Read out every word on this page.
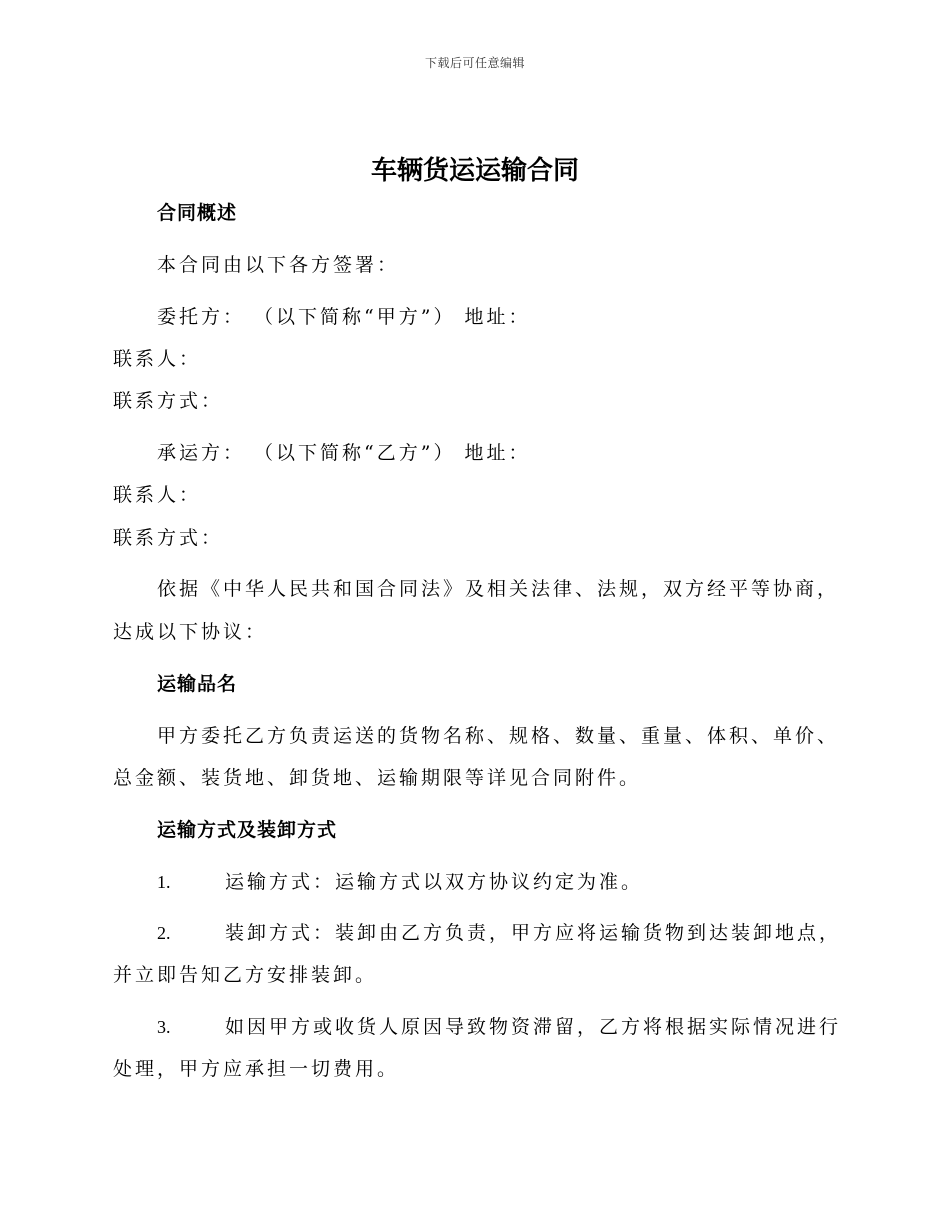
下载后可任意编辑
车辆货运运输合同
合同概述
本合同由以下各方签署：
委托方： （以下简称“甲方”） 地址：
联系人：
联系方式：
承运方： （以下简称“乙方”） 地址：
联系人：
联系方式：
依据《中华人民共和国合同法》及相关法律、法规，双方经平等协商，
达成以下协议：
运输品名
甲方委托乙方负责运送的货物名称、规格、数量、重量、体积、单价、
总金额、装货地、卸货地、运输期限等详见合同附件。
运输方式及装卸方式
1.	运输方式：运输方式以双方协议约定为准。
2.	装卸方式：装卸由乙方负责，甲方应将运输货物到达装卸地点，
并立即告知乙方安排装卸。
3.	如因甲方或收货人原因导致物资滞留，乙方将根据实际情况进行
处理，甲方应承担一切费用。
